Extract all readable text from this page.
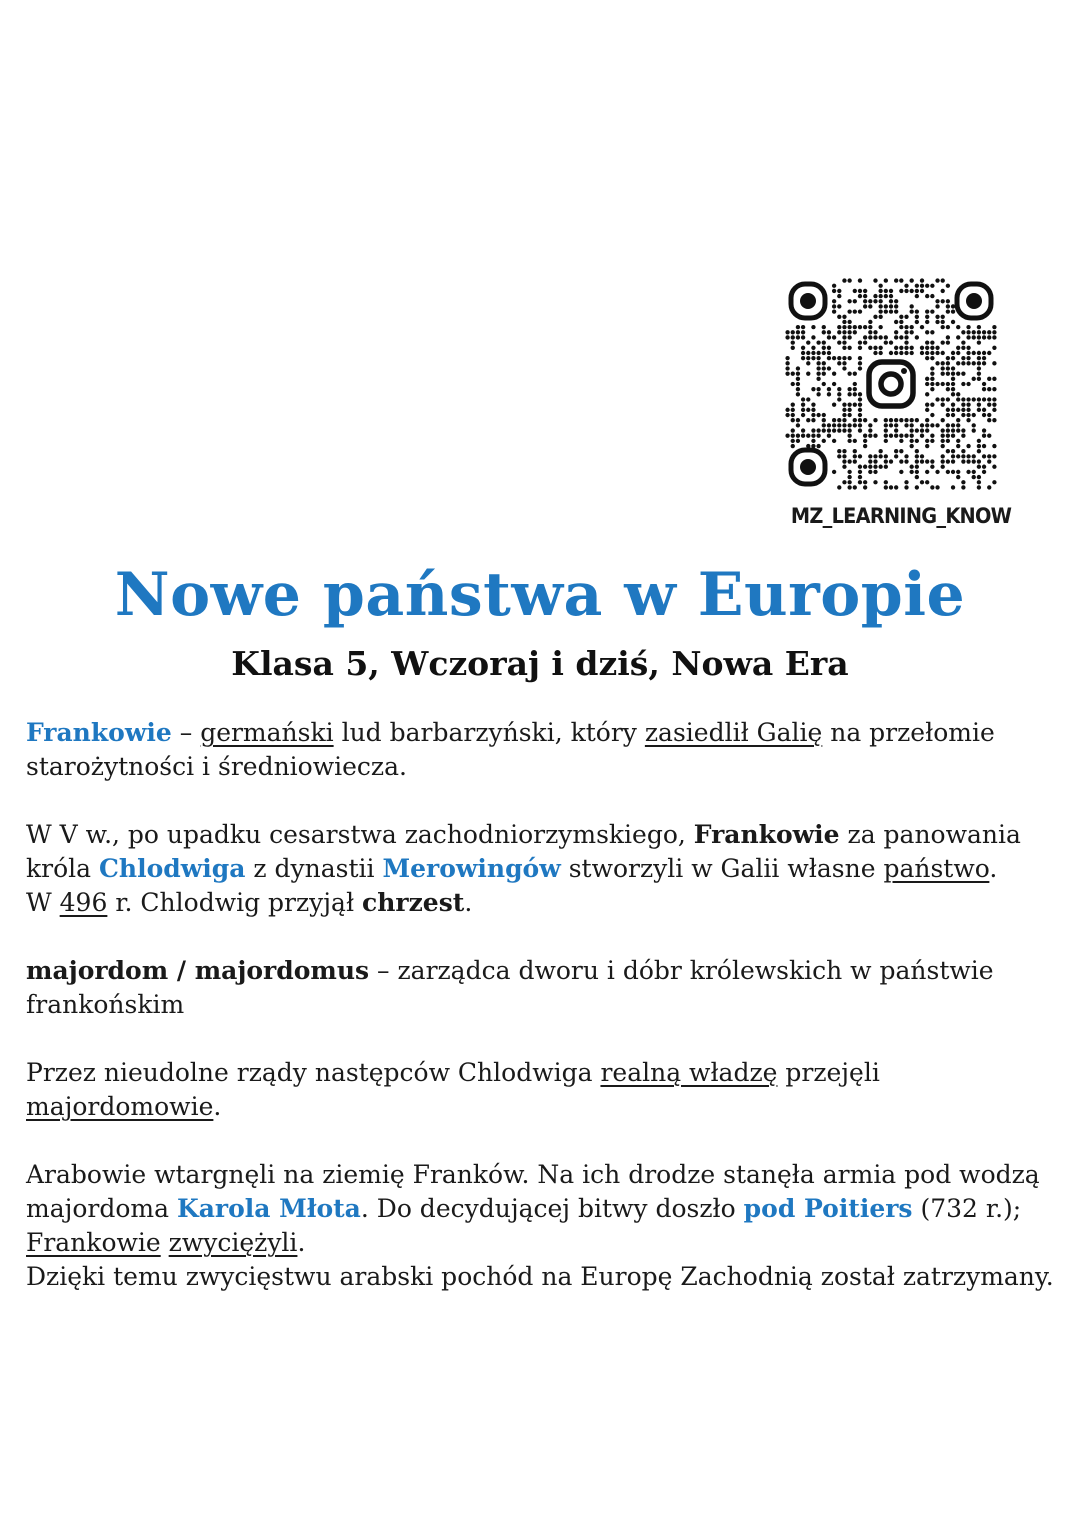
MZ_LEARNING_KNOW
Nowe państwa w Europie
Klasa 5, Wczoraj i dziś, Nowa Era

Frankowie – germański lud barbarzyński, który zasiedlił Galię na przełomie starożytności i średniowiecza.

W V w., po upadku cesarstwa zachodniorzymskiego, Frankowie za panowania króla Chlodwiga z dynastii Merowingów stworzyli w Galii własne państwo.

W 496 r. Chlodwig przyjął chrzest.

majordom / majordomus – zarządca dworu i dóbr królewskich w państwie frankońskim

Przez nieudolne rządy następców Chlodwiga realną władzę przejęli majordomowie.

Arabowie wtargnęli na ziemię Franków. Na ich drodze stanęła armia pod wodzą majordoma Karola Młota. Do decydującej bitwy doszło pod Poitiers (732 r.); Frankowie zwyciężyli.

Dzięki temu zwycięstwu arabski pochód na Europę Zachodnią został zatrzymany.
